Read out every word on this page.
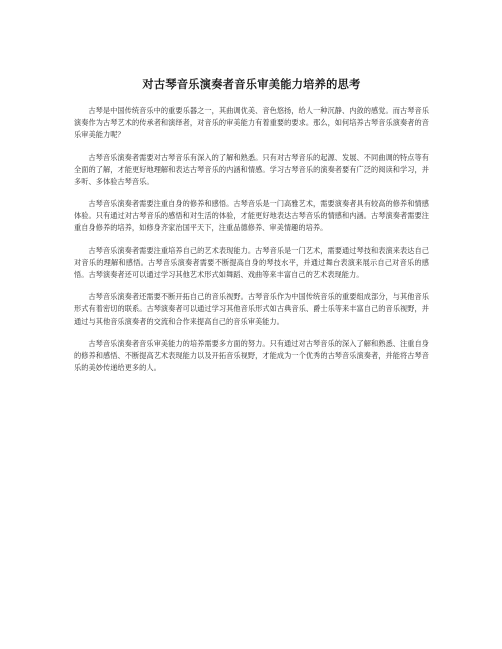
对古琴音乐演奏者音乐审美能力培养的思考

古琴是中国传统音乐中的重要乐器之一，其曲调优美、音色悠扬，给人一种沉静、内敛的感觉。而古琴音乐演奏作为古琴艺术的传承者和演绎者，对音乐的审美能力有着重要的要求。那么，如何培养古琴音乐演奏者的音乐审美能力呢？

古琴音乐演奏者需要对古琴音乐有深入的了解和熟悉。只有对古琴音乐的起源、发展、不同曲调的特点等有全面的了解，才能更好地理解和表达古琴音乐的内涵和情感。学习古琴音乐的演奏者要有广泛的阅读和学习，并多听、多体验古琴音乐。

古琴音乐演奏者需要注重自身的修养和感悟。古琴音乐是一门高雅艺术，需要演奏者具有较高的修养和情感体验。只有通过对古琴音乐的感悟和对生活的体验，才能更好地表达古琴音乐的情感和内涵。古琴演奏者需要注重自身修养的培养，如修身齐家治国平天下，注重品德修养、审美情趣的培养。

古琴音乐演奏者需要注重培养自己的艺术表现能力。古琴音乐是一门艺术，需要通过琴技和表演来表达自己对音乐的理解和感悟。古琴音乐演奏者需要不断提高自身的琴技水平，并通过舞台表演来展示自己对音乐的感悟。古琴演奏者还可以通过学习其他艺术形式如舞蹈、戏曲等来丰富自己的艺术表现能力。

古琴音乐演奏者还需要不断开拓自己的音乐视野。古琴音乐作为中国传统音乐的重要组成部分，与其他音乐形式有着密切的联系。古琴演奏者可以通过学习其他音乐形式如古典音乐、爵士乐等来丰富自己的音乐视野，并通过与其他音乐演奏者的交流和合作来提高自己的音乐审美能力。

古琴音乐演奏者音乐审美能力的培养需要多方面的努力。只有通过对古琴音乐的深入了解和熟悉、注重自身的修养和感悟、不断提高艺术表现能力以及开拓音乐视野，才能成为一个优秀的古琴音乐演奏者，并能将古琴音乐的美妙传递给更多的人。
